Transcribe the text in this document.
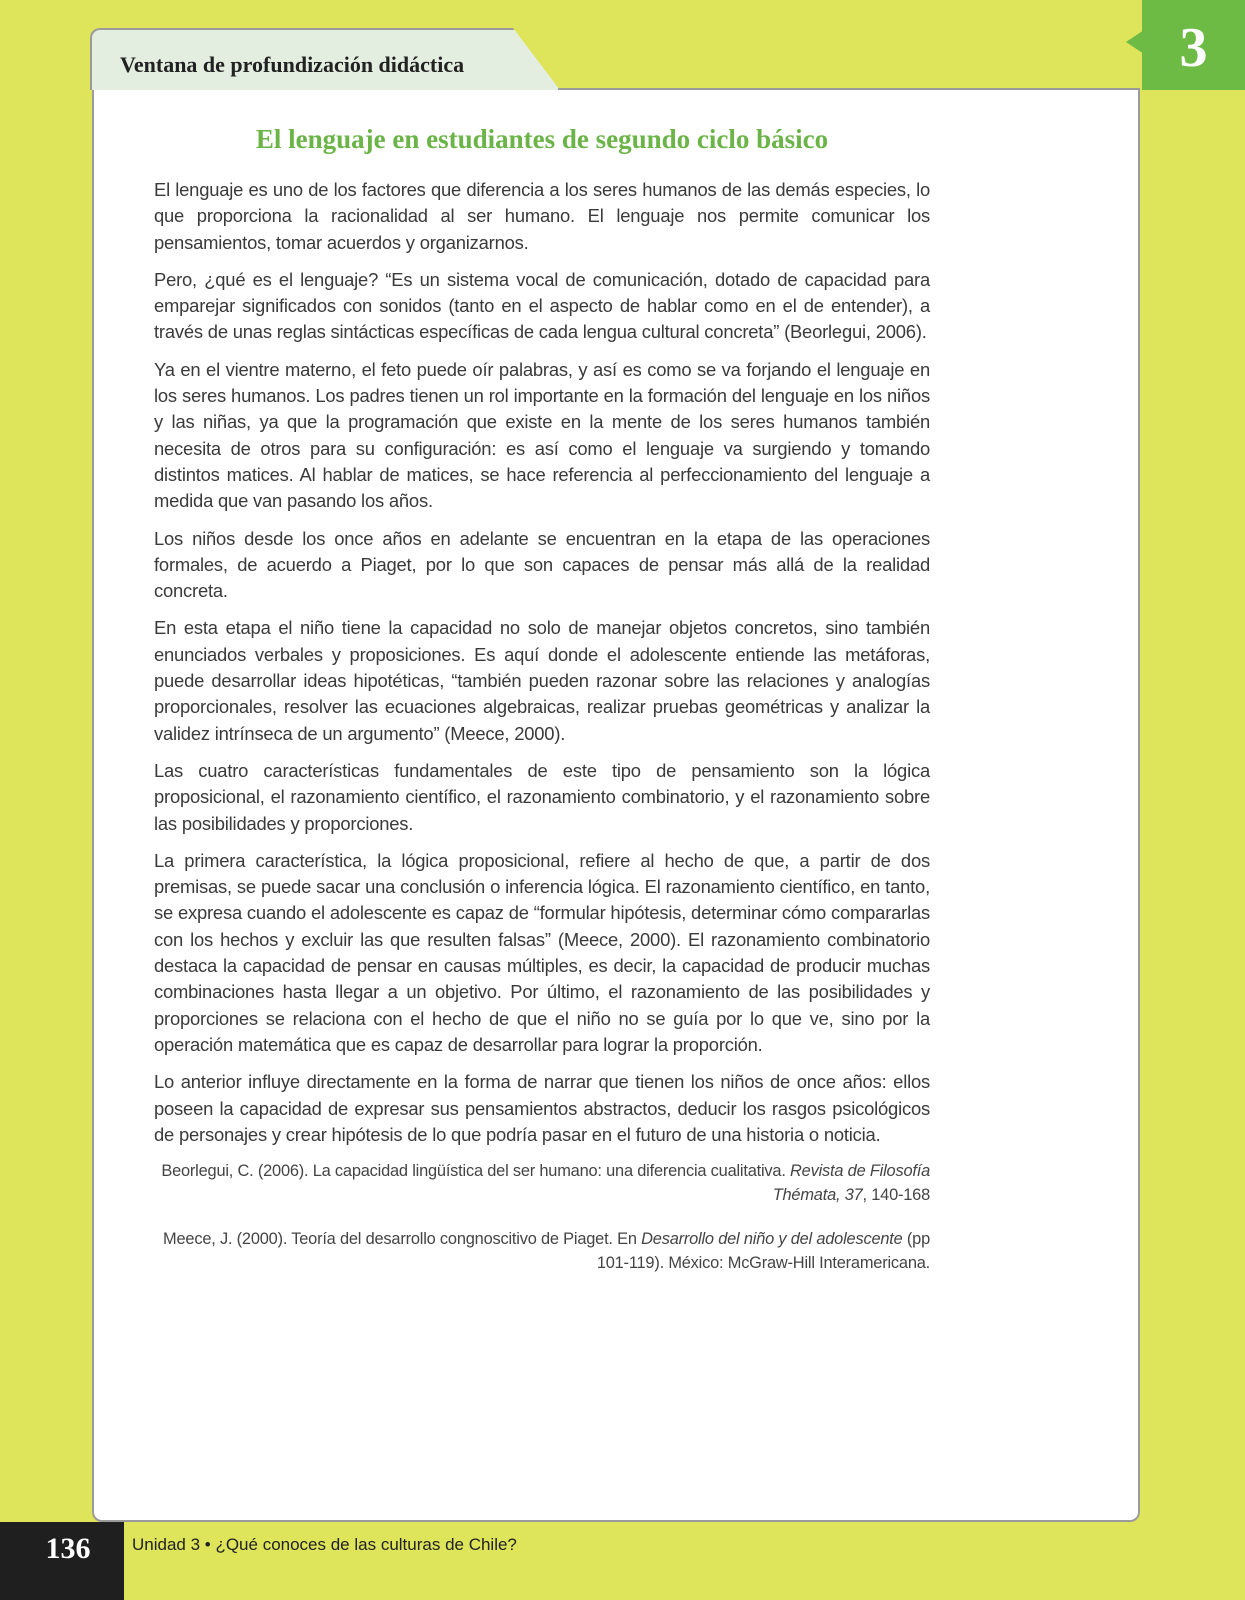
3
Ventana de profundización didáctica
El lenguaje en estudiantes de segundo ciclo básico

El lenguaje es uno de los factores que diferencia a los seres humanos de las demás especies, lo que proporciona la racionalidad al ser humano. El lenguaje nos permite comunicar los pensamientos, tomar acuerdos y organizarnos.

Pero, ¿qué es el lenguaje? “Es un sistema vocal de comunicación, dotado de capacidad para emparejar significados con sonidos (tanto en el aspecto de hablar como en el de entender), a través de unas reglas sintácticas específicas de cada lengua cultural concreta” (Beorlegui, 2006).

Ya en el vientre materno, el feto puede oír palabras, y así es como se va forjando el lenguaje en los seres humanos. Los padres tienen un rol importante en la formación del lenguaje en los niños y las niñas, ya que la programación que existe en la mente de los seres humanos también necesita de otros para su configuración: es así como el lenguaje va surgiendo y tomando distintos matices. Al hablar de matices, se hace referencia al perfeccionamiento del lenguaje a medida que van pasando los años.

Los niños desde los once años en adelante se encuentran en la etapa de las operaciones formales, de acuerdo a Piaget, por lo que son capaces de pensar más allá de la realidad concreta.

En esta etapa el niño tiene la capacidad no solo de manejar objetos concretos, sino también enunciados verbales y proposiciones. Es aquí donde el adolescente entiende las metáforas, puede desarrollar ideas hipotéticas, “también pueden razonar sobre las relaciones y analogías proporcionales, resolver las ecuaciones algebraicas, realizar pruebas geométricas y analizar la validez intrínseca de un argumento” (Meece, 2000).

Las cuatro características fundamentales de este tipo de pensamiento son la lógica proposicional, el razonamiento científico, el razonamiento combinatorio, y el razonamiento sobre las posibilidades y proporciones.

La primera característica, la lógica proposicional, refiere al hecho de que, a partir de dos premisas, se puede sacar una conclusión o inferencia lógica. El razonamiento científico, en tanto, se expresa cuando el adolescente es capaz de “formular hipótesis, determinar cómo compararlas con los hechos y excluir las que resulten falsas” (Meece, 2000). El razonamiento combinatorio destaca la capacidad de pensar en causas múltiples, es decir, la capacidad de producir muchas combinaciones hasta llegar a un objetivo. Por último, el razonamiento de las posibilidades y proporciones se relaciona con el hecho de que el niño no se guía por lo que ve, sino por la operación matemática que es capaz de desarrollar para lograr la proporción.

Lo anterior influye directamente en la forma de narrar que tienen los niños de once años: ellos poseen la capacidad de expresar sus pensamientos abstractos, deducir los rasgos psicológicos de personajes y crear hipótesis de lo que podría pasar en el futuro de una historia o noticia.

Beorlegui, C. (2006). La capacidad lingüística del ser humano: una diferencia cualitativa. Revista de Filosofía Thémata, 37, 140-168

Meece, J. (2000). Teoría del desarrollo congnoscitivo de Piaget. En Desarrollo del niño y del adolescente (pp 101-119). México: McGraw-Hill Interamericana.

136	Unidad 3 • ¿Qué conoces de las culturas de Chile?
